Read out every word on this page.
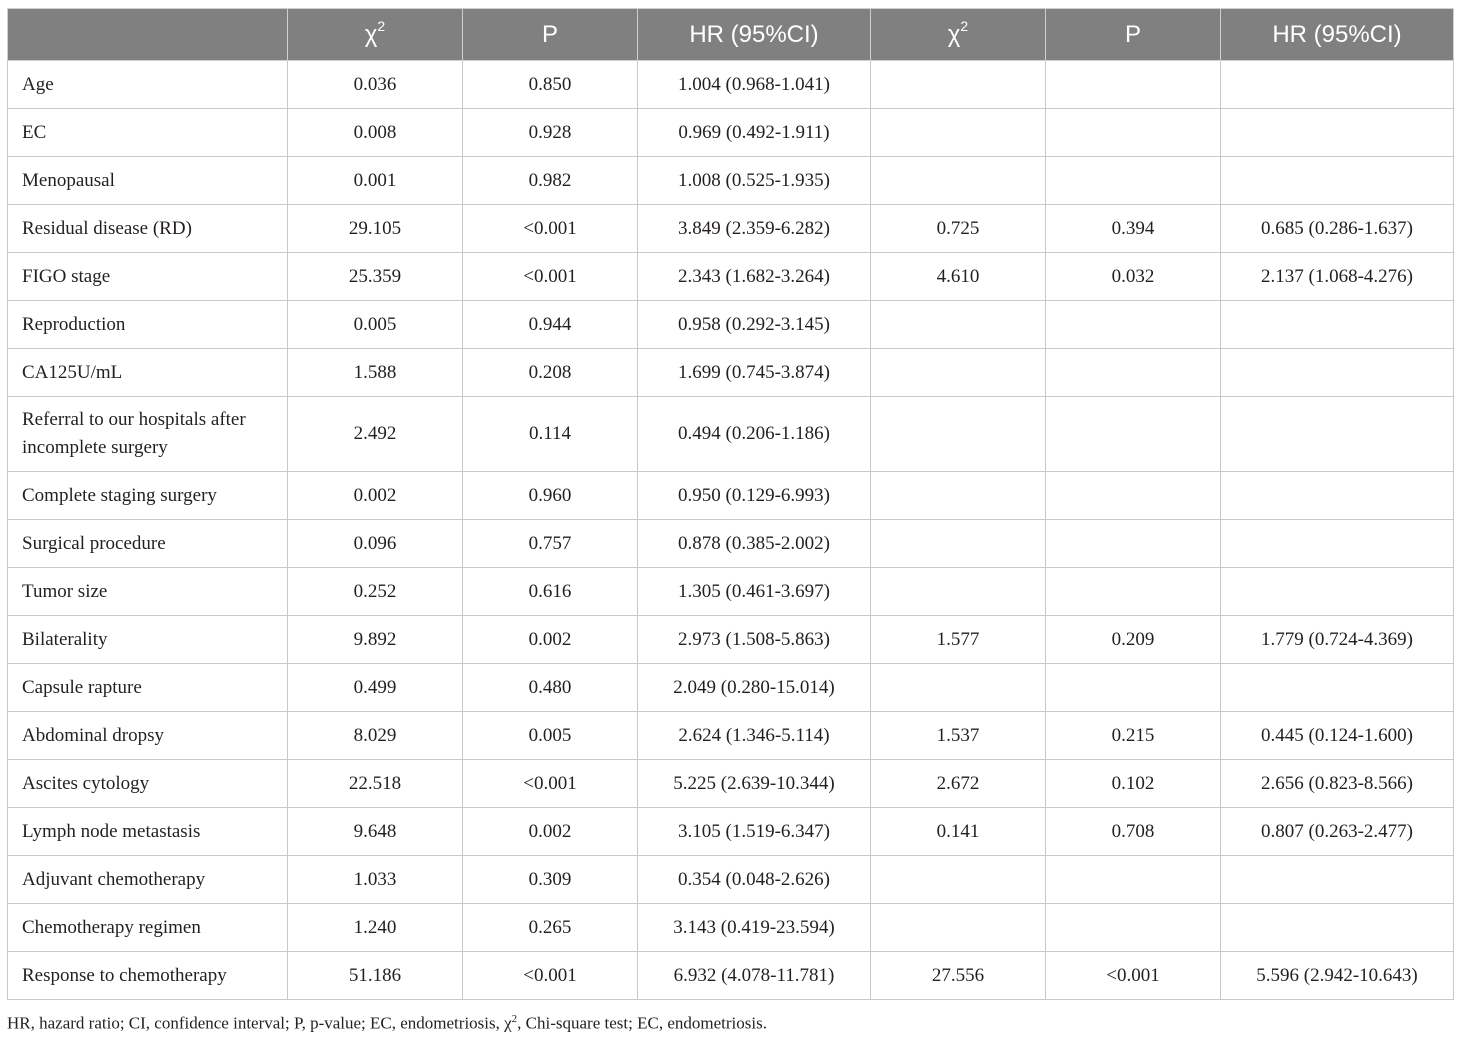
	$\chi^2$	P	HR (95%CI)	$\chi^2$	P	HR (95%CI)
Age	0.036	0.850	1.004 (0.968-1.041)			
EC	0.008	0.928	0.969 (0.492-1.911)			
Menopausal	0.001	0.982	1.008 (0.525-1.935)			
Residual disease (RD)	29.105	<0.001	3.849 (2.359-6.282)	0.725	0.394	0.685 (0.286-1.637)
FIGO stage	25.359	<0.001	2.343 (1.682-3.264)	4.610	0.032	2.137 (1.068-4.276)
Reproduction	0.005	0.944	0.958 (0.292-3.145)			
CA125U/mL	1.588	0.208	1.699 (0.745-3.874)			
Referral to our hospitals after incomplete surgery	2.492	0.114	0.494 (0.206-1.186)			
Complete staging surgery	0.002	0.960	0.950 (0.129-6.993)			
Surgical procedure	0.096	0.757	0.878 (0.385-2.002)			
Tumor size	0.252	0.616	1.305 (0.461-3.697)			
Bilaterality	9.892	0.002	2.973 (1.508-5.863)	1.577	0.209	1.779 (0.724-4.369)
Capsule rapture	0.499	0.480	2.049 (0.280-15.014)			
Abdominal dropsy	8.029	0.005	2.624 (1.346-5.114)	1.537	0.215	0.445 (0.124-1.600)
Ascites cytology	22.518	<0.001	5.225 (2.639-10.344)	2.672	0.102	2.656 (0.823-8.566)
Lymph node metastasis	9.648	0.002	3.105 (1.519-6.347)	0.141	0.708	0.807 (0.263-2.477)
Adjuvant chemotherapy	1.033	0.309	0.354 (0.048-2.626)			
Chemotherapy regimen	1.240	0.265	3.143 (0.419-23.594)			
Response to chemotherapy	51.186	<0.001	6.932 (4.078-11.781)	27.556	<0.001	5.596 (2.942-10.643)
HR, hazard ratio; CI, confidence interval; P, p-value; EC, endometriosis, $\chi^2$, Chi-square test; EC, endometriosis.
